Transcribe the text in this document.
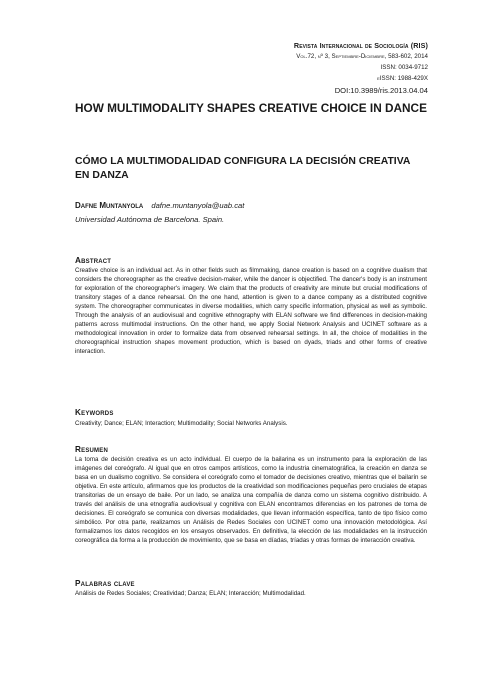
Revista Internacional de Sociología (RIS)
Vol.72, nº 3, Septiembre-Diciembre, 583-602, 2014
ISSN: 0034-9712
eISSN: 1988-429X
DOI:10.3989/ris.2013.04.04
HOW MULTIMODALITY SHAPES CREATIVE CHOICE IN DANCE
CÓMO LA MULTIMODALIDAD CONFIGURA LA DECISIÓN CREATIVA EN DANZA
Dafne Muntanyola dafne.muntanyola@uab.cat
Universidad Autónoma de Barcelona. Spain.
Abstract

Creative choice is an individual act. As in other fields such as filmmaking, dance creation is based on a cognitive dualism that considers the choreographer as the creative decision-maker, while the dancer is objectified. The dancer's body is an instrument for exploration of the choreographer's imagery. We claim that the products of creativity are minute but crucial modifications of transitory stages of a dance rehearsal. On the one hand, attention is given to a dance company as a distributed cognitive system. The choreographer communicates in diverse modalities, which carry specific information, physical as well as symbolic. Through the analysis of an audiovisual and cognitive ethnography with ELAN software we find differences in decision-making patterns across multimodal instructions. On the other hand, we apply Social Network Analysis and UCINET software as a methodological innovation in order to formalize data from observed rehearsal settings. In all, the choice of modalities in the choreographical instruction shapes movement production, which is based on dyads, triads and other forms of creative interaction.

Keywords

Creativity; Dance; ELAN; Interaction; Multimodality; Social Networks Analysis.

Resumen

La toma de decisión creativa es un acto individual. El cuerpo de la bailarina es un instrumento para la exploración de las imágenes del coreógrafo. Al igual que en otros campos artísticos, como la industria cinematográfica, la creación en danza se basa en un dualismo cognitivo. Se considera el coreógrafo como el tomador de decisiones creativo, mientras que el bailarín se objetiva. En este artículo, afirmamos que los productos de la creatividad son modificaciones pequeñas pero cruciales de etapas transitorias de un ensayo de baile. Por un lado, se analiza una compañía de danza como un sistema cognitivo distribuido. A través del análisis de una etnografía audiovisual y cognitiva con ELAN encontramos diferencias en los patrones de toma de decisiones. El coreógrafo se comunica con diversas modalidades, que llevan información específica, tanto de tipo físico como simbólico. Por otra parte, realizamos un Análisis de Redes Sociales con UCINET como una innovación metodológica. Así formalizamos los datos recogidos en los ensayos observados. En definitiva, la elección de las modalidades en la instrucción coreográfica da forma a la producción de movimiento, que se basa en díadas, tríadas y otras formas de interacción creativa.

Palabras clave

Análisis de Redes Sociales; Creatividad; Danza; ELAN; Interacción; Multimodalidad.
